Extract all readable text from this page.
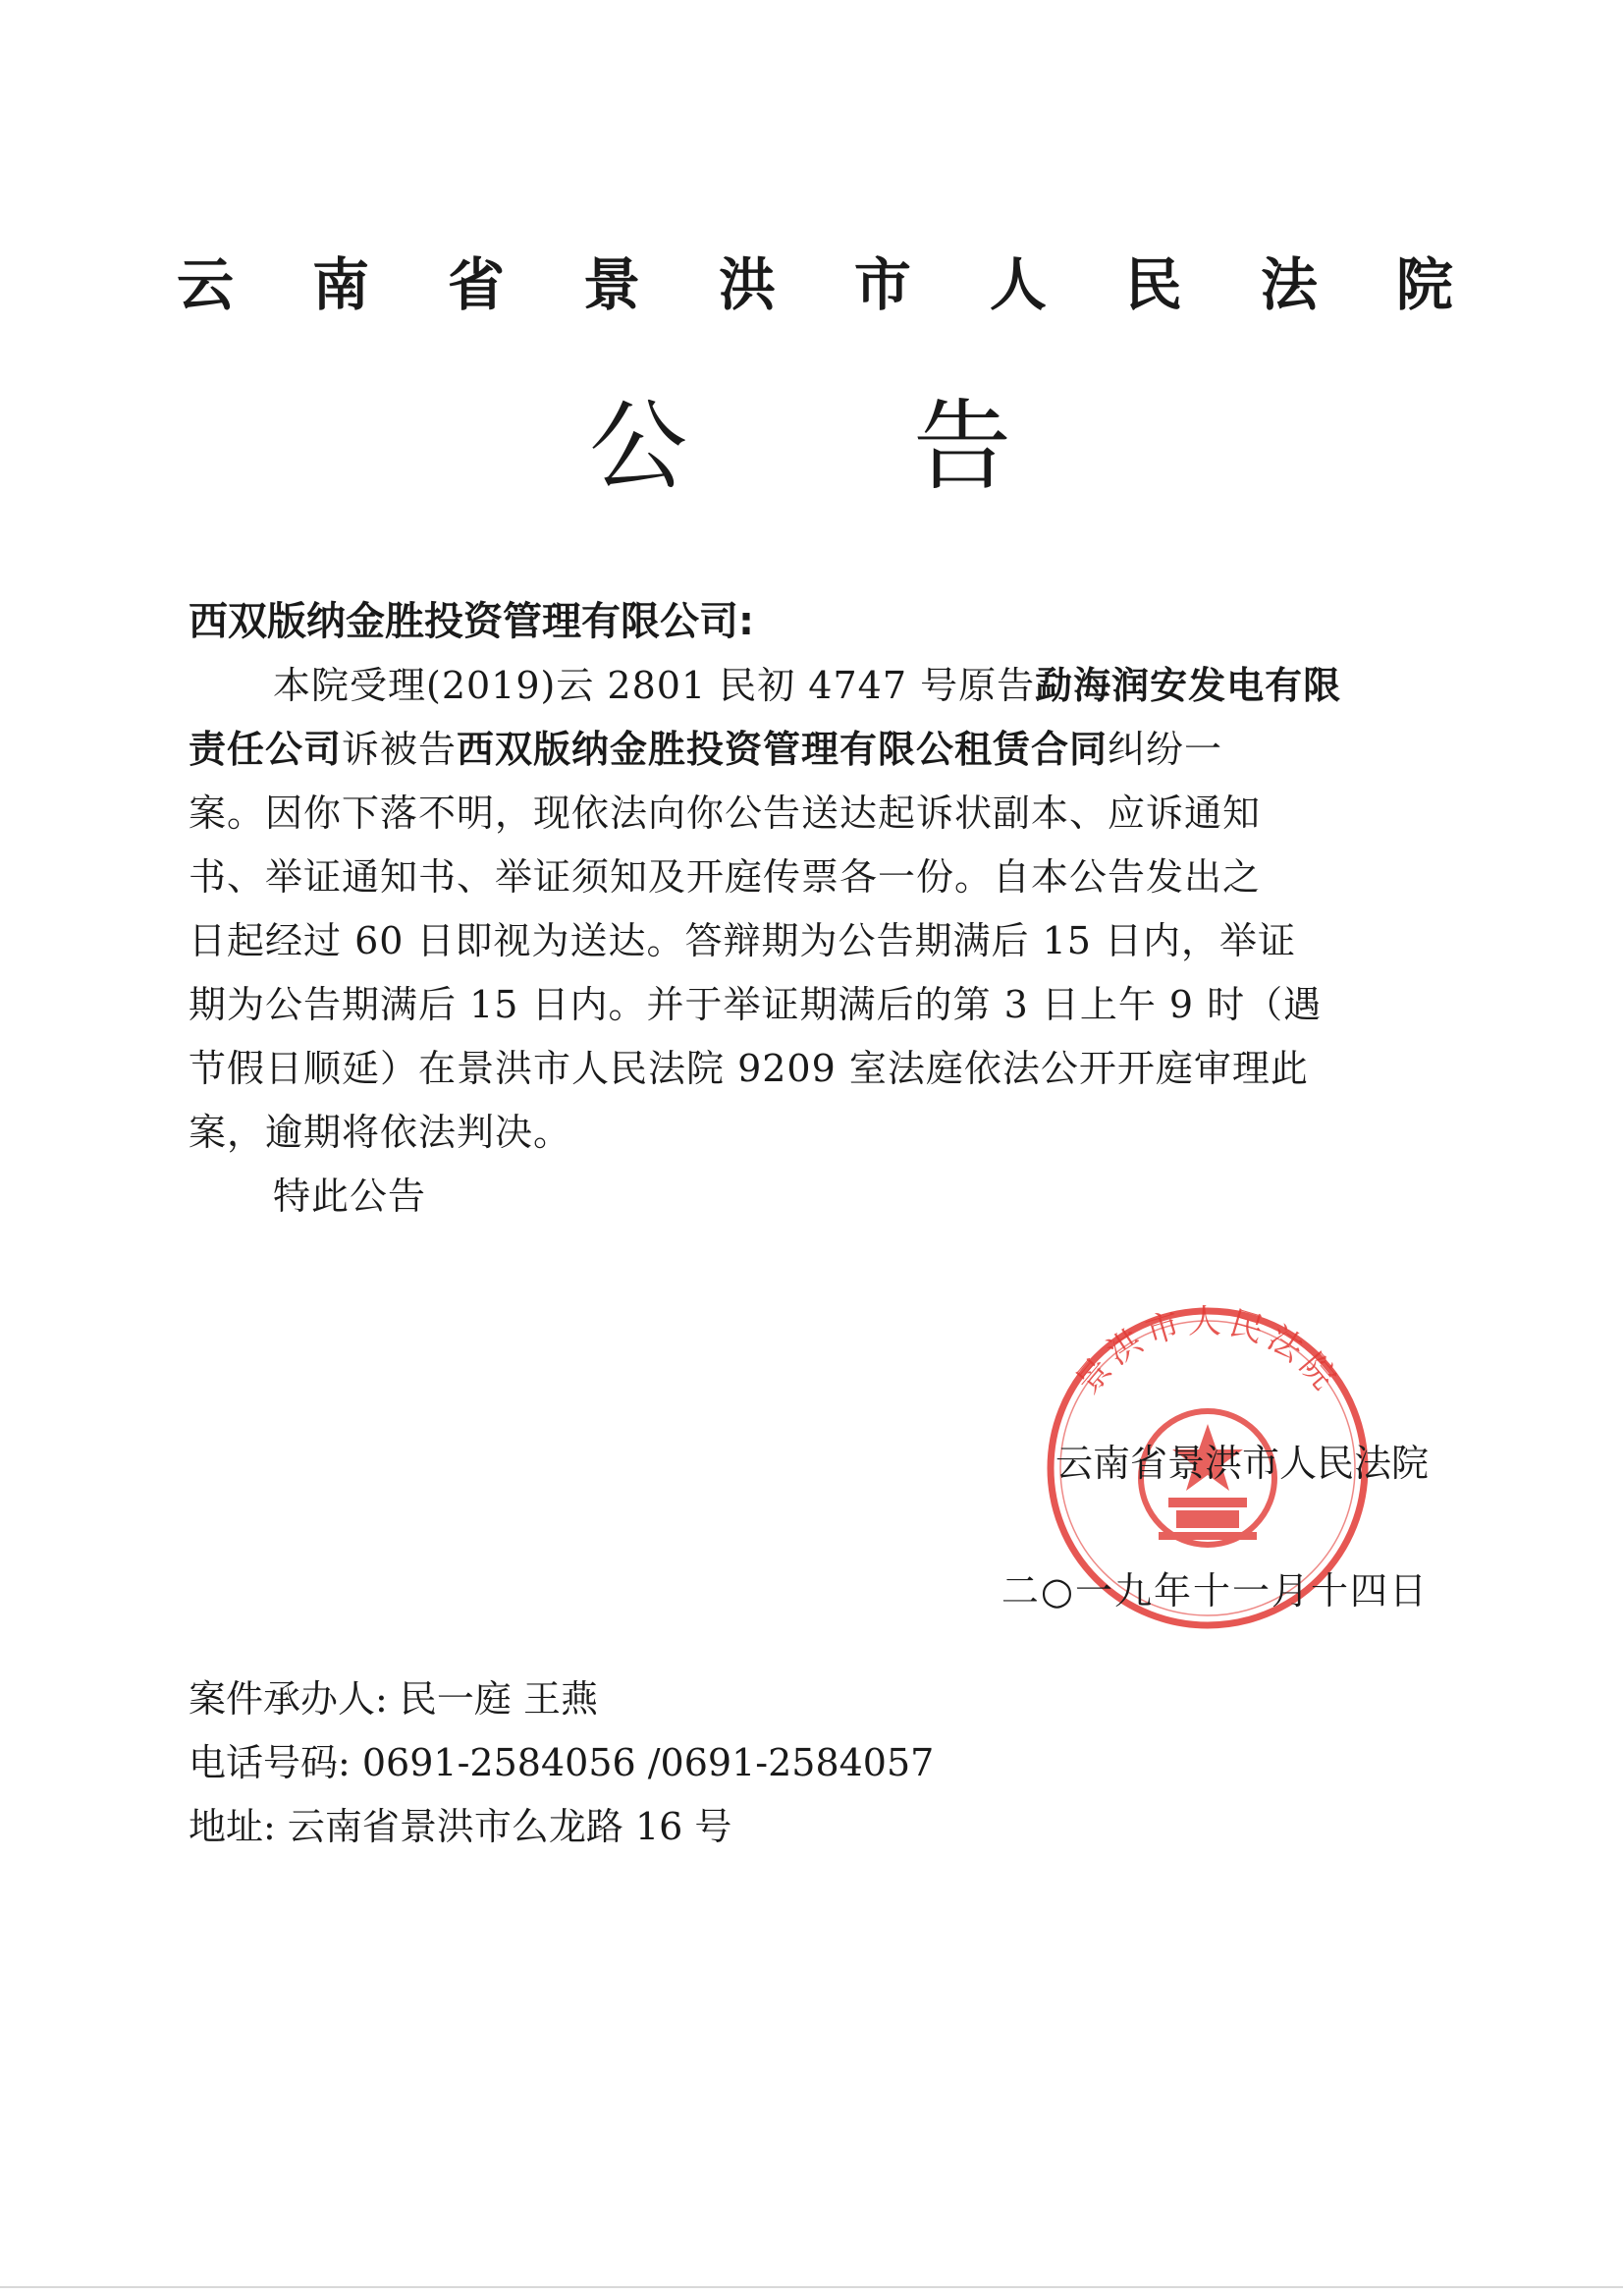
云 南 省 景 洪 市 人 民 法 院
公 告
西双版纳金胜投资管理有限公司:
本院受理(2019)云 2801 民初 4747 号原告勐海润安发电有限
责任公司诉被告西双版纳金胜投资管理有限公租赁合同纠纷一
案。因你下落不明，现依法向你公告送达起诉状副本、应诉通知
书、举证通知书、举证须知及开庭传票各一份。自本公告发出之
日起经过 60 日即视为送达。答辩期为公告期满后 15 日内，举证
期为公告期满后 15 日内。并于举证期满后的第 3 日上午 9 时（遇
节假日顺延）在景洪市人民法院 9209 室法庭依法公开开庭审理此
案，逾期将依法判决。
特此公告
景洪市人民法院
云南省景洪市人民法院
二○一九年十一月十四日
案件承办人: 民一庭 王燕
电话号码: 0691-2584056 /0691-2584057
地址: 云南省景洪市么龙路 16 号
